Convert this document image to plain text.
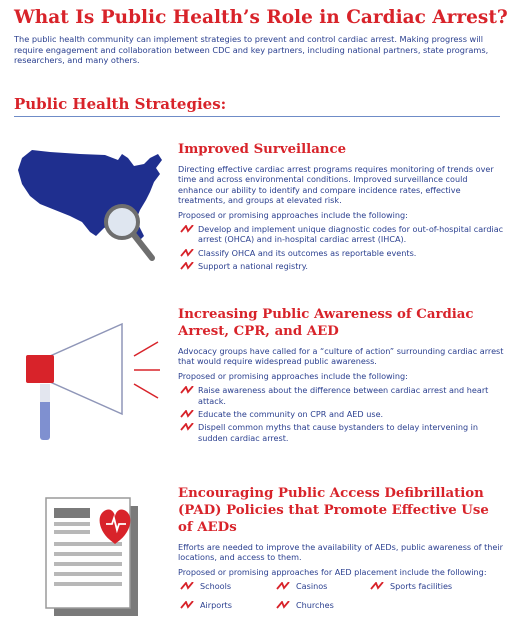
What Is Public Health’s Role in Cardiac Arrest?
The public health community can implement strategies to prevent and control cardiac arrest. Making progress will require engagement and collaboration between CDC and key partners, including national partners, state programs, researchers, and many others.
Public Health Strategies:
Improved Surveillance
Directing effective cardiac arrest programs requires monitoring of trends over time and across environmental conditions. Improved surveillance could enhance our ability to identify and compare incidence rates, effective treatments, and groups at elevated risk.
Proposed or promising approaches include the following:
Develop and implement unique diagnostic codes for out-of-hospital cardiac arrest (OHCA) and in-hospital cardiac arrest (IHCA).
Classify OHCA and its outcomes as reportable events.
Support a national registry.
Increasing Public Awareness of Cardiac Arrest, CPR, and AED
Advocacy groups have called for a “culture of action” surrounding cardiac arrest that would require widespread public awareness.
Proposed or promising approaches include the following:
Raise awareness about the difference between cardiac arrest and heart attack.
Educate the community on CPR and AED use.
Dispell common myths that cause bystanders to delay intervening in sudden cardiac arrest.
Encouraging Public Access Defibrillation (PAD) Policies that Promote Effective Use of AEDs
Efforts are needed to improve the availability of AEDs, public awareness of their locations, and access to them.
Proposed or promising approaches for AED placement include the following:
Schools	Casinos	Sports facilities
Airports	Churches
